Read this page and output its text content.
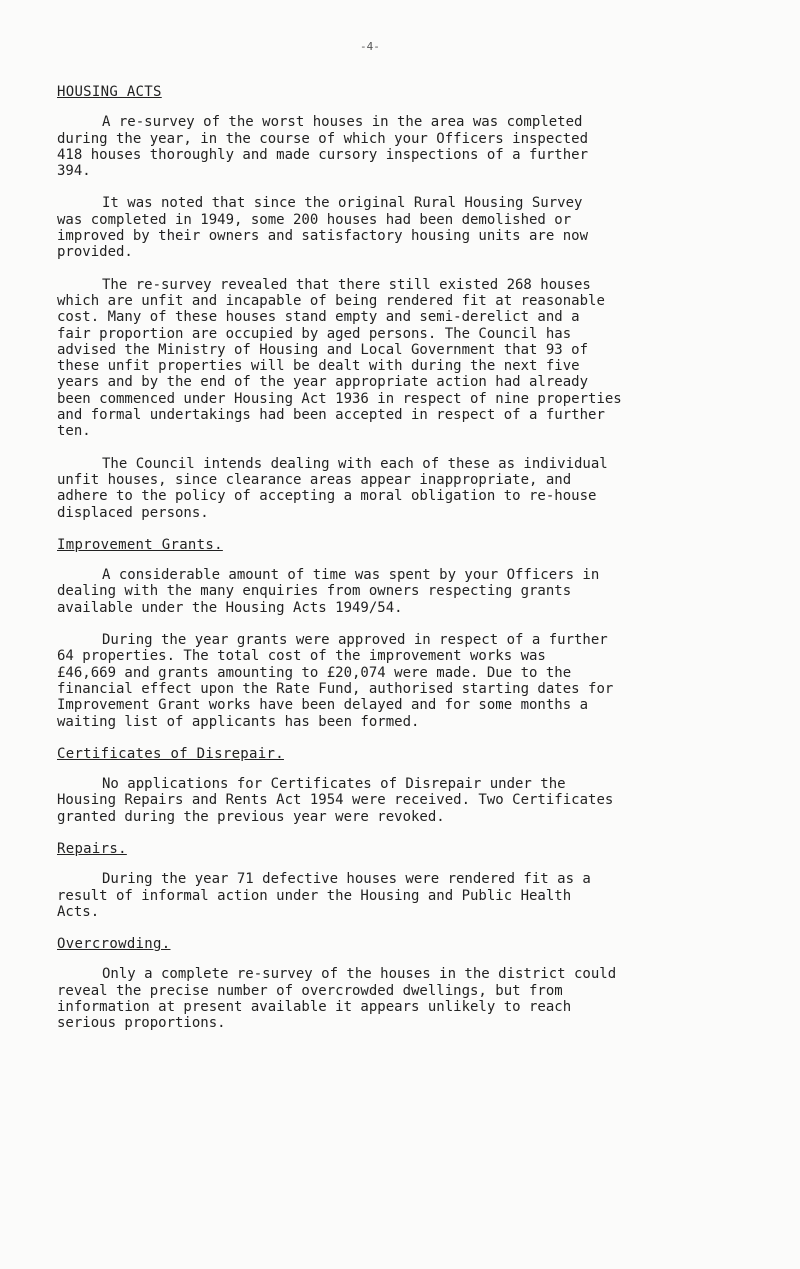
-4-
HOUSING ACTS

A re-survey of the worst houses in the area was completed
during the year, in the course of which your Officers inspected
418 houses thoroughly and made cursory inspections of a further
394.

It was noted that since the original Rural Housing Survey
was completed in 1949, some 200 houses had been demolished or
improved by their owners and satisfactory housing units are now
provided.

The re-survey revealed that there still existed 268 houses
which are unfit and incapable of being rendered fit at reasonable
cost. Many of these houses stand empty and semi-derelict and a
fair proportion are occupied by aged persons. The Council has
advised the Ministry of Housing and Local Government that 93 of
these unfit properties will be dealt with during the next five
years and by the end of the year appropriate action had already
been commenced under Housing Act 1936 in respect of nine properties
and formal undertakings had been accepted in respect of a further
ten.

The Council intends dealing with each of these as individual
unfit houses, since clearance areas appear inappropriate, and
adhere to the policy of accepting a moral obligation to re-house
displaced persons.

Improvement Grants.

A considerable amount of time was spent by your Officers in
dealing with the many enquiries from owners respecting grants
available under the Housing Acts 1949/54.

During the year grants were approved in respect of a further
64 properties. The total cost of the improvement works was
£46,669 and grants amounting to £20,074 were made. Due to the
financial effect upon the Rate Fund, authorised starting dates for
Improvement Grant works have been delayed and for some months a
waiting list of applicants has been formed.

Certificates of Disrepair.

No applications for Certificates of Disrepair under the
Housing Repairs and Rents Act 1954 were received. Two Certificates
granted during the previous year were revoked.

Repairs.

During the year 71 defective houses were rendered fit as a
result of informal action under the Housing and Public Health
Acts.

Overcrowding.

Only a complete re-survey of the houses in the district could
reveal the precise number of overcrowded dwellings, but from
information at present available it appears unlikely to reach
serious proportions.
